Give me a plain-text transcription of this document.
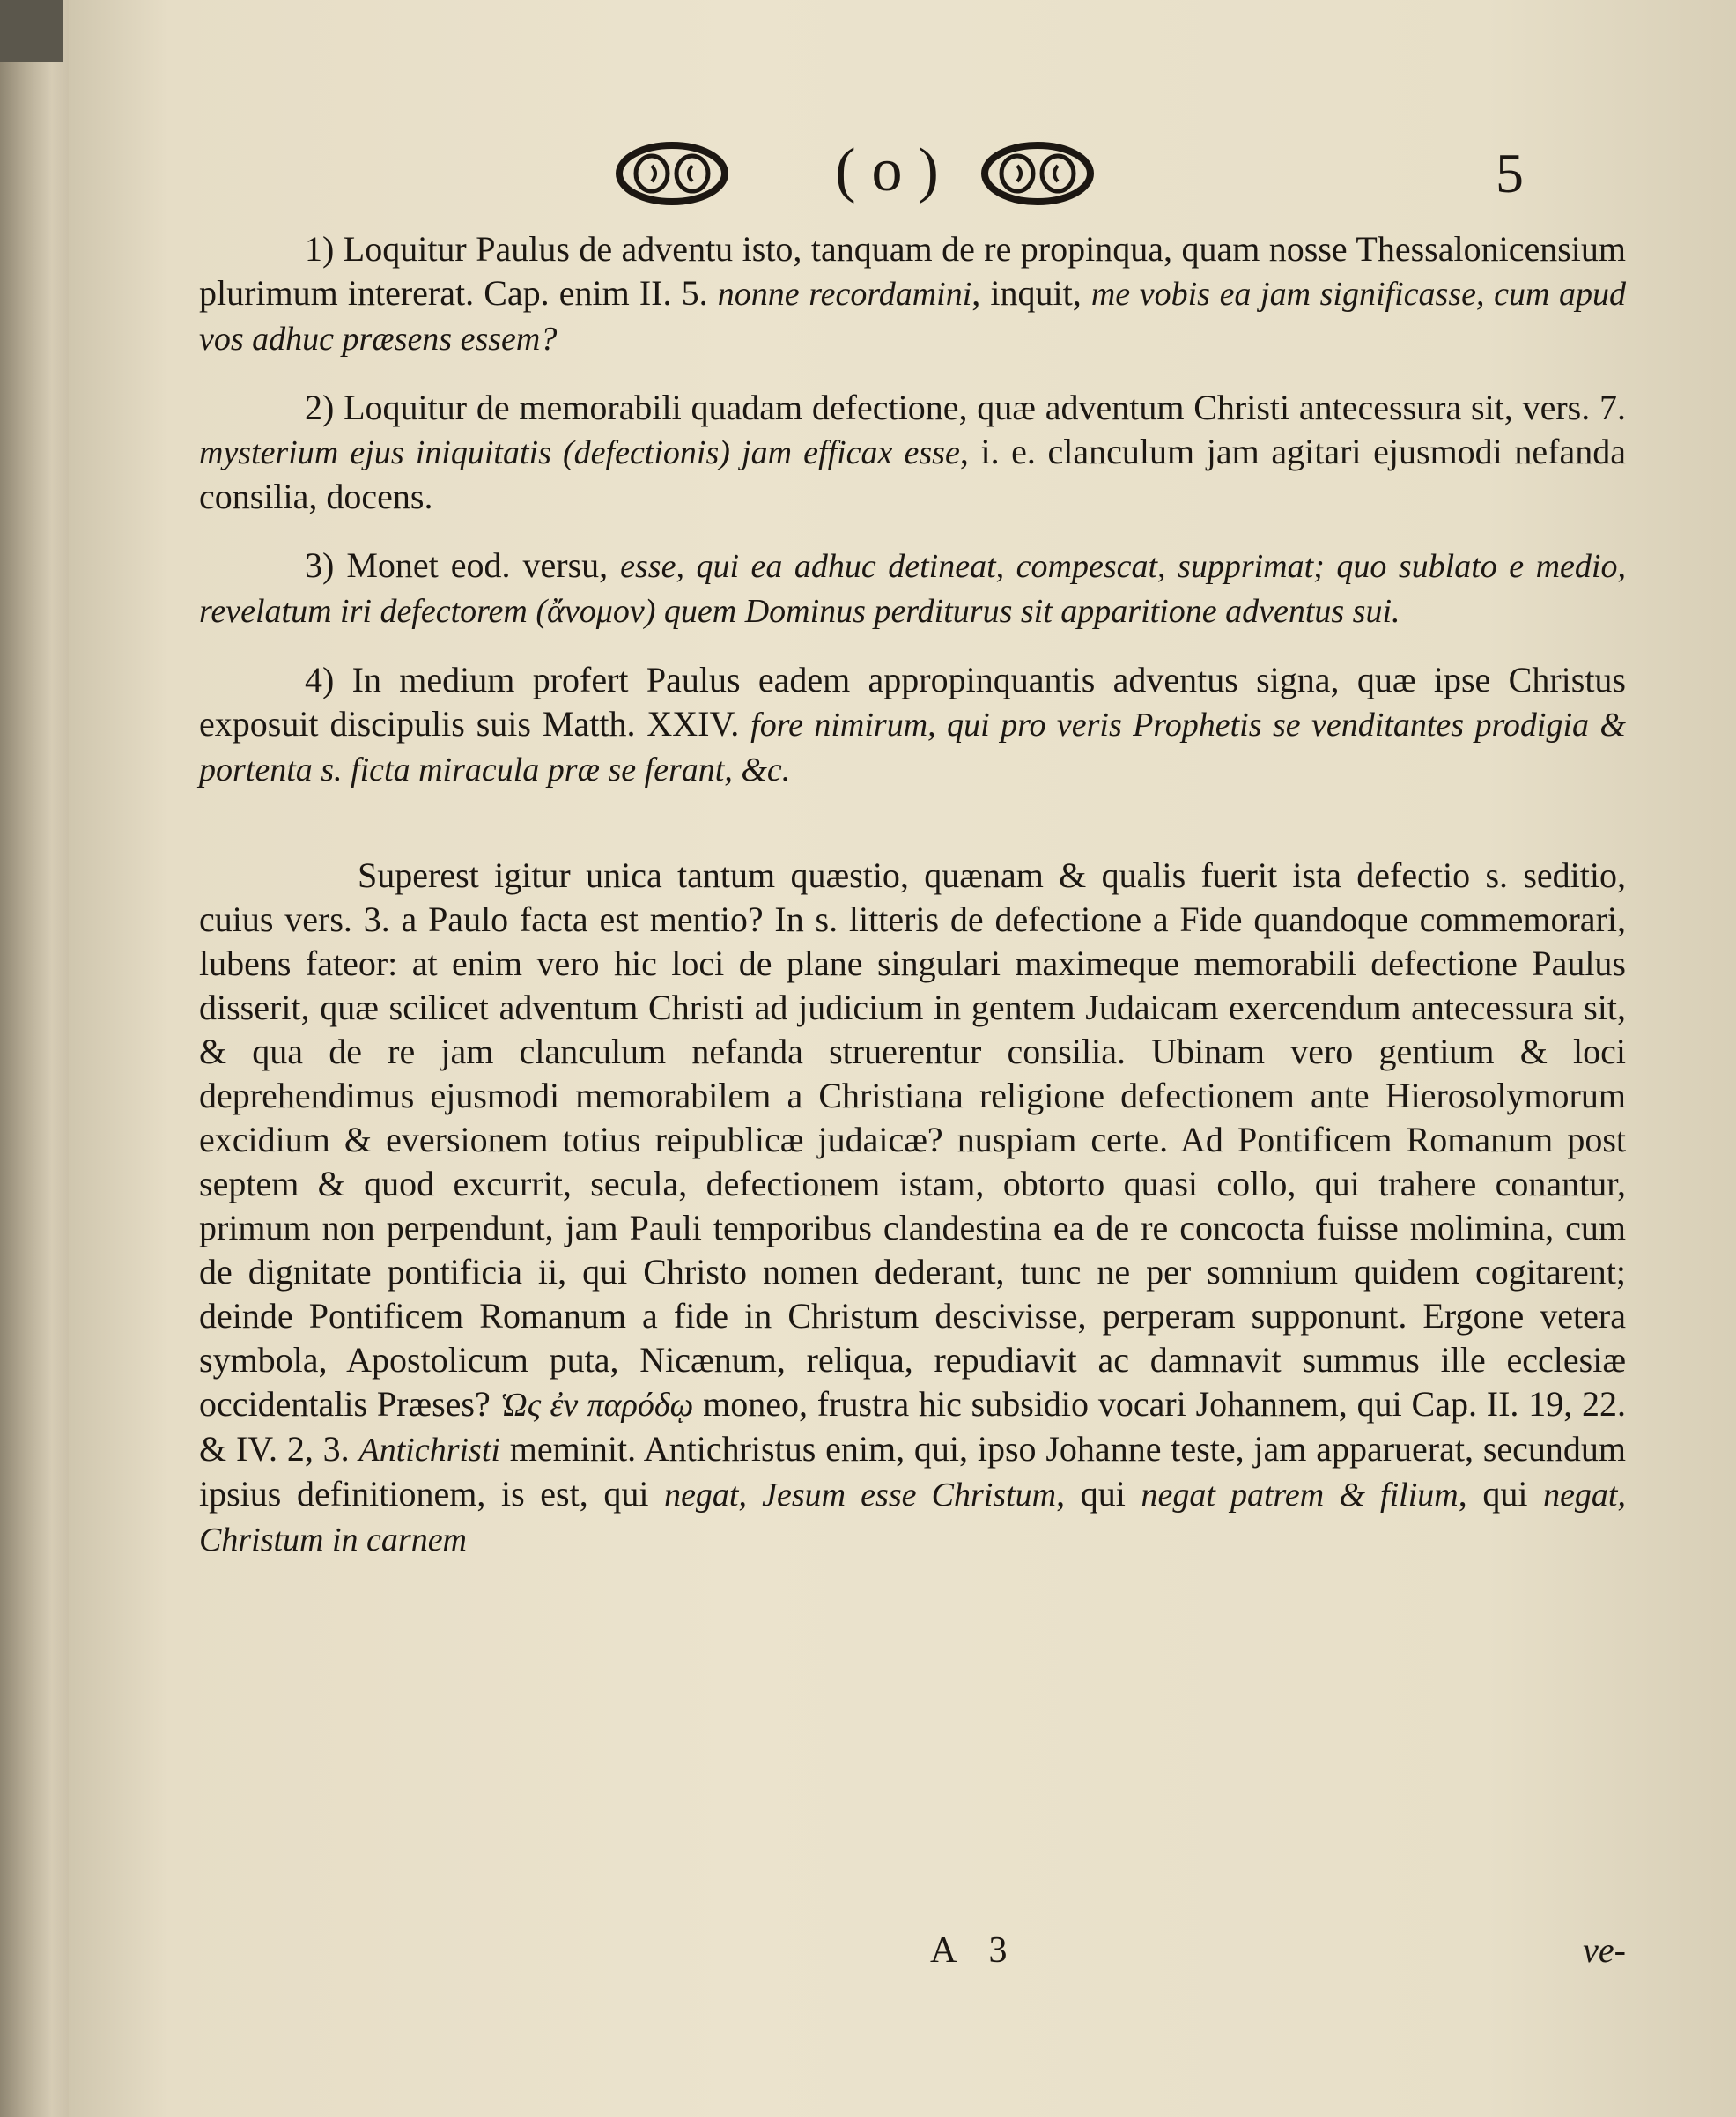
(o)	5

1) Loquitur Paulus de adventu isto, tanquam de re propinqua, quam nosse Thessalonicensium plurimum intererat. Cap. enim II. 5. nonne recordamini, inquit, me vobis ea jam significasse, cum apud vos adhuc præsens essem?

2) Loquitur de memorabili quadam defectione, quæ adventum Christi antecessura sit, vers. 7. mysterium ejus iniquitatis (defectionis) jam efficax esse, i. e. clanculum jam agitari ejusmodi nefanda consilia, docens.

3) Monet eod. versu, esse, qui ea adhuc detineat, compescat, supprimat; quo sublato e medio, revelatum iri defectorem (ἄνομον) quem Dominus perditurus sit apparitione adventus sui.

4) In medium profert Paulus eadem appropinquantis adventus signa, quæ ipse Christus exposuit discipulis suis Matth. XXIV. fore nimirum, qui pro veris Prophetis se venditantes prodigia & portenta s. ficta miracula præ se ferant, &c.

Superest igitur unica tantum quæstio, quænam & qualis fuerit ista defectio s. seditio, cuius vers. 3. a Paulo facta est mentio? In s. litteris de defectione a Fide quandoque commemorari, lubens fateor: at enim vero hic loci de plane singulari maximeque memorabili defectione Paulus disserit, quæ scilicet adventum Christi ad judicium in gentem Judaicam exercendum antecessura sit, & qua de re jam clanculum nefanda struerentur consilia. Ubinam vero gentium & loci deprehendimus ejusmodi memorabilem a Christiana religione defectionem ante Hierosolymorum excidium & eversionem totius reipublicæ judaicæ? nuspiam certe. Ad Pontificem Romanum post septem & quod excurrit, secula, defectionem istam, obtorto quasi collo, qui trahere conantur, primum non perpendunt, jam Pauli temporibus clandestina ea de re concocta fuisse molimina, cum de dignitate pontificia ii, qui Christo nomen dederant, tunc ne per somnium quidem cogitarent; deinde Pontificem Romanum a fide in Christum descivisse, perperam supponunt. Ergone vetera symbola, Apostolicum puta, Nicænum, reliqua, repudiavit ac damnavit summus ille ecclesiæ occidentalis Præses? Ὡς ἐν παρόδῳ moneo, frustra hic subsidio vocari Johannem, qui Cap. II. 19, 22. & IV. 2, 3. Antichristi meminit. Antichristus enim, qui, ipso Johanne teste, jam apparuerat, secundum ipsius definitionem, is est, qui negat, Jesum esse Christum, qui negat patrem & filium, qui negat, Christum in carnem

A 3	ve-
